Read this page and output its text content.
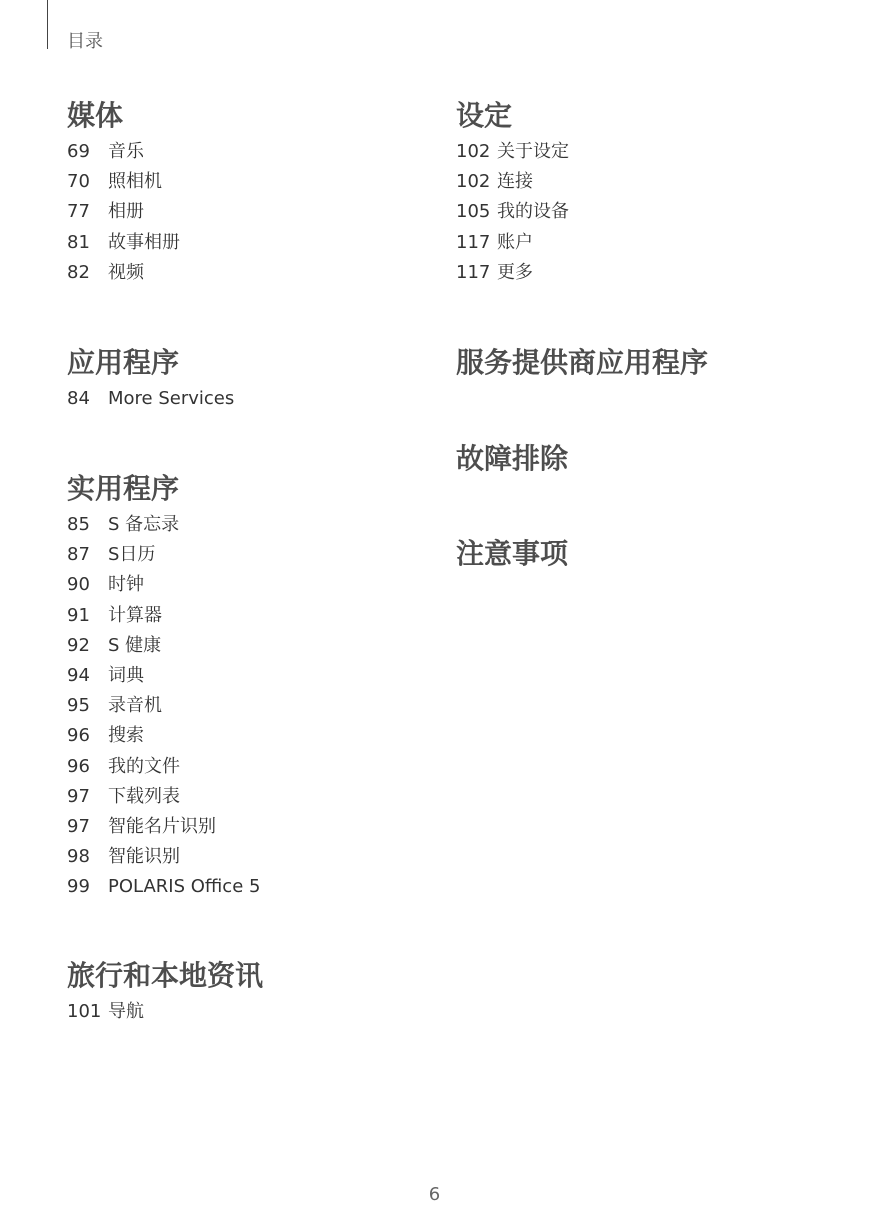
目录
媒体
69 音乐
70 照相机
77 相册
81 故事相册
82 视频
应用程序
84 More Services
实用程序
85 S 备忘录
87 S日历
90 时钟
91 计算器
92 S 健康
94 词典
95 录音机
96 搜索
96 我的文件
97 下载列表
97 智能名片识别
98 智能识别
99 POLARIS Office 5
旅行和本地资讯
101 导航
设定
102 关于设定
102 连接
105 我的设备
117 账户
117 更多
服务提供商应用程序
故障排除
注意事项
6
